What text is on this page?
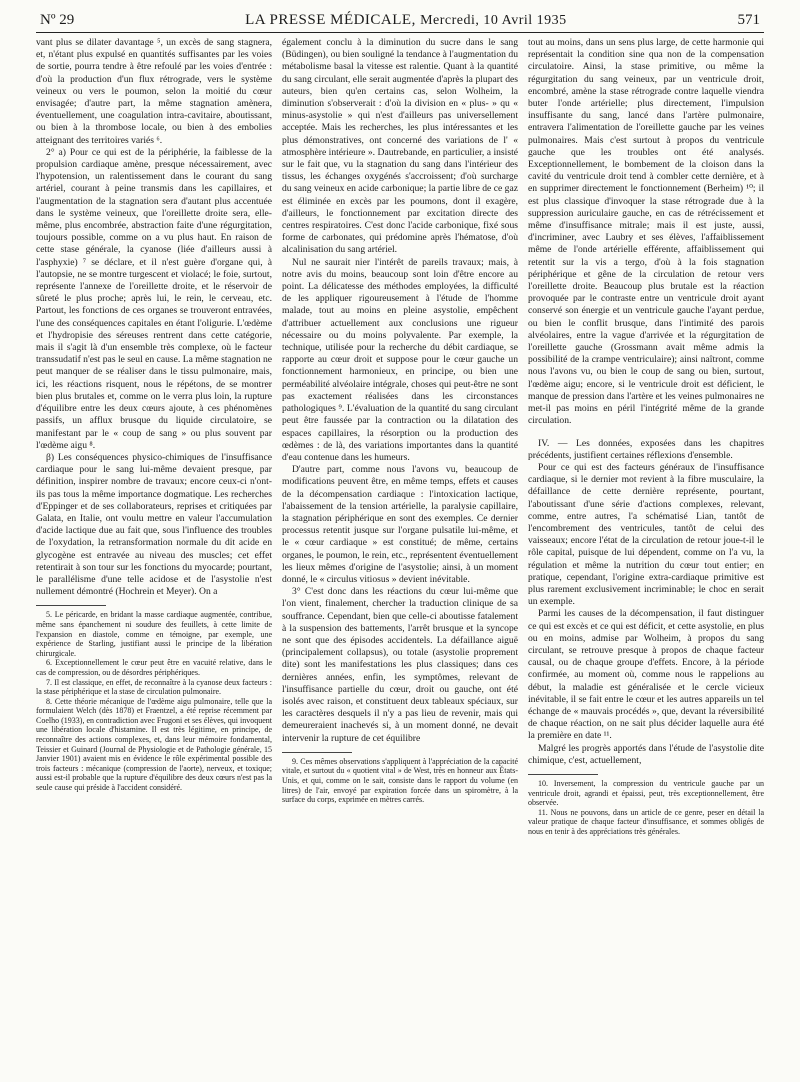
Nº 29	LA PRESSE MÉDICALE, Mercredi, 10 Avril 1935	571

vant plus se dilater davantage ⁵, un excès de sang stagnera, et, n'étant plus expulsé en quantités suffisantes par les voies de sortie, pourra tendre à être refoulé par les voies d'entrée : d'où la production d'un flux rétrograde, vers le système veineux ou vers le poumon, selon la moitié du cœur envisagée; d'autre part, la même stagnation amènera, éventuellement, une coagulation intra-cavitaire, aboutissant, ou bien à la thrombose locale, ou bien à des embolies atteignant des territoires variés ⁶.

2° a) Pour ce qui est de la périphérie, la faiblesse de la propulsion cardiaque amène, presque nécessairement, avec l'hypotension, un ralentissement dans le courant du sang artériel, courant à peine transmis dans les capillaires, et l'augmentation de la stagnation sera d'autant plus accentuée dans le système veineux, que l'oreillette droite sera, elle-même, plus encombrée, abstraction faite d'une régurgitation, toujours possible, comme on a vu plus haut. En raison de cette stase générale, la cyanose (liée d'ailleurs aussi à l'asphyxie) ⁷ se déclare, et il n'est guère d'organe qui, à l'autopsie, ne se montre turgescent et violacé; le foie, surtout, représente l'annexe de l'oreillette droite, et le réservoir de sûreté le plus proche; après lui, le rein, le cerveau, etc. Partout, les fonctions de ces organes se trouveront entravées, l'une des conséquences capitales en étant l'oligurie. L'œdème et l'hydropisie des séreuses rentrent dans cette catégorie, mais il s'agit là d'un ensemble très complexe, où le facteur transsudatif n'est pas le seul en cause. La même stagnation ne peut manquer de se réaliser dans le tissu pulmonaire, mais, ici, les réactions risquent, nous le répétons, de se montrer bien plus brutales et, comme on le verra plus loin, la rupture d'équilibre entre les deux cœurs ajoute, à ces phénomènes passifs, un afflux brusque du liquide circulatoire, se manifestant par le « coup de sang » ou plus souvent par l'œdème aigu ⁸.

β) Les conséquences physico-chimiques de l'insuffisance cardiaque pour le sang lui-même devaient presque, par définition, inspirer nombre de travaux; encore ceux-ci n'ont-ils pas tous la même importance dogmatique. Les recherches d'Eppinger et de ses collaborateurs, reprises et critiquées par Galata, en Italie, ont voulu mettre en valeur l'accumulation d'acide lactique due au fait que, sous l'influence des troubles de l'oxydation, la retransformation normale du dit acide en glycogène est entravée au niveau des muscles; cet effet retentirait à son tour sur les fonctions du myocarde; pourtant, le parallélisme d'une telle acidose et de l'asystolie n'est nullement démontré (Hochrein et Meyer). On a

5. Le péricarde, en bridant la masse cardiaque augmentée, contribue, même sans épanchement ni soudure des feuillets, à cette limite de l'expansion en diastole, comme en témoigne, par exemple, une expérience de Starling, justifiant aussi le principe de la libération chirurgicale.

6. Exceptionnellement le cœur peut être en vacuité relative, dans le cas de compression, ou de désordres périphériques.

7. Il est classique, en effet, de reconnaître à la cyanose deux facteurs : la stase périphérique et la stase de circulation pulmonaire.

8. Cette théorie mécanique de l'œdème aigu pulmonaire, telle que la formulaient Welch (dès 1878) et Fraentzel, a été reprise récemment par Coelho (1933), en contradiction avec Frugoni et ses élèves, qui invoquent une libération locale d'histamine. Il est très légitime, en principe, de reconnaître des actions complexes, et, dans leur mémoire fondamental, Teissier et Guinard (Journal de Physiologie et de Pathologie générale, 15 Janvier 1901) avaient mis en évidence le rôle expérimental possible des trois facteurs : mécanique (compression de l'aorte), nerveux, et toxique; aussi est-il probable que la rupture d'équilibre des deux cœurs n'est pas la seule cause qui préside à l'accident considéré.

également conclu à la diminution du sucre dans le sang (Büdingen), ou bien souligné la tendance à l'augmentation du métabolisme basal la vitesse est ralentie. Quant à la quantité du sang circulant, elle serait augmentée d'après la plupart des auteurs, bien qu'en certains cas, selon Wolheim, la diminution s'observerait : d'où la division en « plus- » qu « minus-asystolie » qui n'est d'ailleurs pas universellement acceptée. Mais les recherches, les plus intéressantes et les plus démonstratives, ont concerné des variations de l' « atmosphère intérieure ». Dautrebande, en particulier, a insisté sur le fait que, vu la stagnation du sang dans l'intérieur des tissus, les échanges oxygénés s'accroissent; d'où surcharge du sang veineux en acide carbonique; la partie libre de ce gaz est éliminée en excès par les poumons, dont il exagère, d'ailleurs, le fonctionnement par excitation directe des centres respiratoires. C'est donc l'acide carbonique, fixé sous forme de carbonates, qui prédomine après l'hématose, d'où alcalinisation du sang artériel.

Nul ne saurait nier l'intérêt de pareils travaux; mais, à notre avis du moins, beaucoup sont loin d'être encore au point. La délicatesse des méthodes employées, la difficulté de les appliquer rigoureusement à l'étude de l'homme malade, tout au moins en pleine asystolie, empêchent d'attribuer actuellement aux conclusions une rigueur nécessaire ou du moins polyvalente. Par exemple, la technique, utilisée pour la recherche du débit cardiaque, se rapporte au cœur droit et suppose pour le cœur gauche un fonctionnement harmonieux, en principe, ou bien une perméabilité alvéolaire intégrale, choses qui peut-être ne sont pas exactement réalisées dans les circonstances pathologiques ⁹. L'évaluation de la quantité du sang circulant peut être faussée par la contraction ou la dilatation des espaces capillaires, la résorption ou la production des œdèmes : de là, des variations importantes dans la quantité d'eau contenue dans les humeurs.

D'autre part, comme nous l'avons vu, beaucoup de modifications peuvent être, en même temps, effets et causes de la décompensation cardiaque : l'intoxication lactique, l'abaissement de la tension artérielle, la paralysie capillaire, la stagnation périphérique en sont des exemples. Ce dernier processus retentit jusque sur l'organe pulsatile lui-même, et le « cœur cardiaque » est constitué; de même, certains organes, le poumon, le rein, etc., représentent éventuellement les lieux mêmes d'origine de l'asystolie; ainsi, à un moment donné, le « circulus vitiosus » devient inévitable.

3° C'est donc dans les réactions du cœur lui-même que l'on vient, finalement, chercher la traduction clinique de sa souffrance. Cependant, bien que celle-ci aboutisse fatalement à la suspension des battements, l'arrêt brusque et la syncope ne sont que des épisodes accidentels. La défaillance aiguë (principalement collapsus), ou totale (asystolie proprement dite) sont les manifestations les plus classiques; dans ces dernières années, enfin, les symptômes, relevant de l'insuffisance partielle du cœur, droit ou gauche, ont été isolés avec raison, et constituent deux tableaux spéciaux, sur les caractères desquels il n'y a pas lieu de revenir, mais qui demeureraient inachevés si, à un moment donné, ne devait intervenir la rupture de cet équilibre

9. Ces mêmes observations s'appliquent à l'appréciation de la capacité vitale, et surtout du « quotient vital » de West, très en honneur aux États-Unis, et qui, comme on le sait, consiste dans le rapport du volume (en litres) de l'air, envoyé par expiration forcée dans un spiromètre, à la surface du corps, exprimée en mètres carrés.

tout au moins, dans un sens plus large, de cette harmonie qui représentait la condition sine qua non de la compensation circulatoire. Ainsi, la stase primitive, ou même la régurgitation du sang veineux, par un ventricule droit, encombré, amène la stase rétrograde contre laquelle viendra buter l'onde artérielle; plus directement, l'impulsion insuffisante du sang, lancé dans l'artère pulmonaire, entravera l'alimentation de l'oreillette gauche par les veines pulmonaires. Mais c'est surtout à propos du ventricule gauche que les troubles ont été analysés. Exceptionnellement, le bombement de la cloison dans la cavité du ventricule droit tend à combler cette dernière, et à en supprimer directement le fonctionnement (Berheim) ¹⁰; il est plus classique d'invoquer la stase rétrograde due à la suppression auriculaire gauche, en cas de rétrécissement et même d'insuffisance mitrale; mais il est juste, aussi, d'incriminer, avec Laubry et ses élèves, l'affaiblissement même de l'onde artérielle efférente, affaiblissement qui retentit sur la vis a tergo, d'où à la fois stagnation périphérique et gêne de la circulation de retour vers l'oreillette droite. Beaucoup plus brutale est la réaction provoquée par le contraste entre un ventricule droit ayant conservé son énergie et un ventricule gauche l'ayant perdue, ou bien le conflit brusque, dans l'intimité des parois alvéolaires, entre la vague d'arrivée et la régurgitation de l'oreillette gauche (Grossmann avait même admis la possibilité de la crampe ventriculaire); ainsi naîtront, comme nous l'avons vu, ou bien le coup de sang ou bien, surtout, l'œdème aigu; encore, si le ventricule droit est déficient, le manque de pression dans l'artère et les veines pulmonaires ne met-il pas moins en péril l'intégrité même de la grande circulation.

IV. — Les données, exposées dans les chapitres précédents, justifient certaines réflexions d'ensemble.

Pour ce qui est des facteurs généraux de l'insuffisance cardiaque, si le dernier mot revient à la fibre musculaire, la défaillance de cette dernière représente, pourtant, l'aboutissant d'une série d'actions complexes, relevant, comme, entre autres, l'a schématisé Lian, tantôt de l'encombrement des ventricules, tantôt de celui des vaisseaux; encore l'état de la circulation de retour joue-t-il le rôle capital, puisque de lui dépendent, comme on l'a vu, la régulation et même la nutrition du cœur tout entier; en pratique, cependant, l'origine extra-cardiaque primitive est plus rarement exclusivement incriminable; le choc en serait un exemple.

Parmi les causes de la décompensation, il faut distinguer ce qui est excès et ce qui est déficit, et cette asystolie, en plus ou en moins, admise par Wolheim, à propos du sang circulant, se retrouve presque à propos de chaque facteur causal, ou de chaque groupe d'effets. Encore, à la période confirmée, au moment où, comme nous le rappelions au début, la maladie est généralisée et le cercle vicieux inévitable, il se fait entre le cœur et les autres appareils un tel échange de « mauvais procédés », que, devant la réversibilité de chaque réaction, on ne sait plus décider laquelle aura été la première en date ¹¹.

Malgré les progrès apportés dans l'étude de l'asystolie dite chimique, c'est, actuellement,

10. Inversement, la compression du ventricule gauche par un ventricule droit, agrandi et épaissi, peut, très exceptionnellement, être observée.

11. Nous ne pouvons, dans un article de ce genre, peser en détail la valeur pratique de chaque facteur d'insuffisance, et sommes obligés de nous en tenir à des appréciations très générales.
